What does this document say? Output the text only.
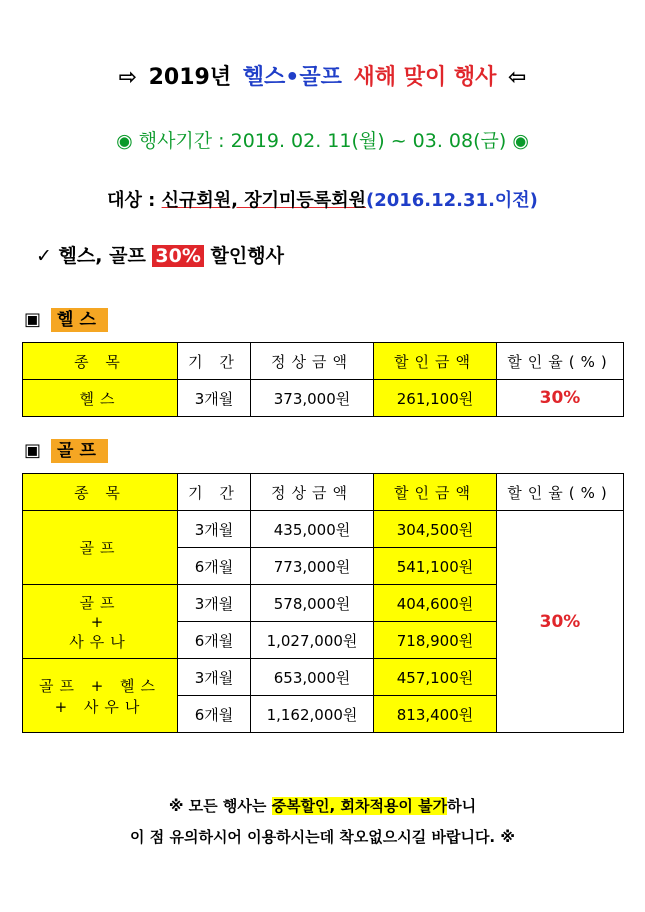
⇨ 2019년 헬스•골프 새해 맞이 행사 ⇦
◉ 행사기간 : 2019. 02. 11(월) ~ 03. 08(금) ◉
대상 : 신규회원, 장기미등록회원(2016.12.31.이전)
✓ 헬스, 골프 30% 할인행사
▣ 헬스
종 목	기 간	정상금액	할인금액	할인율(%)
헬스	3개월	373,000원	261,100원	30%
▣ 골프
종 목	기 간	정상금액	할인금액	할인율(%)
골프	3개월	435,000원	304,500원	30%
	6개월	773,000원	541,100원	

골프
+
사우나	3개월	578,000원	404,600원	
	6개월	1,027,000원	718,900원	

골프 + 헬스
+ 사우나	3개월	653,000원	457,100원	
	6개월	1,162,000원	813,400원	
※ 모든 행사는 중복할인, 회차적용이 불가하니
이 점 유의하시어 이용하시는데 착오없으시길 바랍니다. ※
